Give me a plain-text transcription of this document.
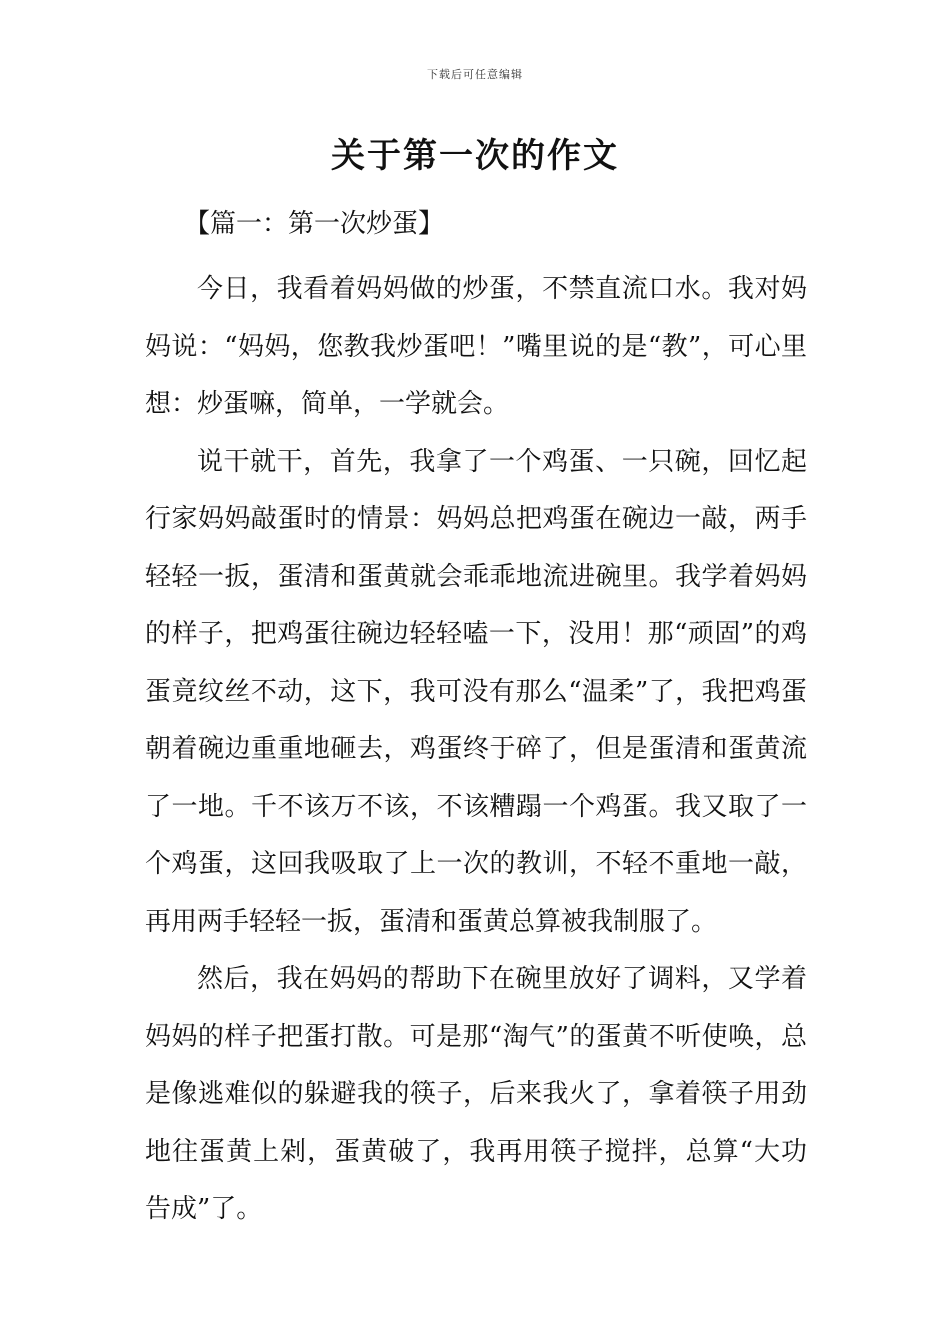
下载后可任意编辑
关于第一次的作文
【篇一：第一次炒蛋】

今日，我看着妈妈做的炒蛋，不禁直流口水。我对妈妈说：“妈妈，您教我炒蛋吧！”嘴里说的是“教”，可心里想：炒蛋嘛，简单，一学就会。

说干就干，首先，我拿了一个鸡蛋、一只碗，回忆起行家妈妈敲蛋时的情景：妈妈总把鸡蛋在碗边一敲，两手轻轻一扳，蛋清和蛋黄就会乖乖地流进碗里。我学着妈妈的样子，把鸡蛋往碗边轻轻嗑一下，没用！那“顽固”的鸡蛋竟纹丝不动，这下，我可没有那么“温柔”了，我把鸡蛋朝着碗边重重地砸去，鸡蛋终于碎了，但是蛋清和蛋黄流了一地。千不该万不该，不该糟蹋一个鸡蛋。我又取了一个鸡蛋，这回我吸取了上一次的教训，不轻不重地一敲，再用两手轻轻一扳，蛋清和蛋黄总算被我制服了。

然后，我在妈妈的帮助下在碗里放好了调料，又学着妈妈的样子把蛋打散。可是那“淘气”的蛋黄不听使唤，总是像逃难似的躲避我的筷子，后来我火了，拿着筷子用劲地往蛋黄上剁，蛋黄破了，我再用筷子搅拌，总算“大功告成”了。
